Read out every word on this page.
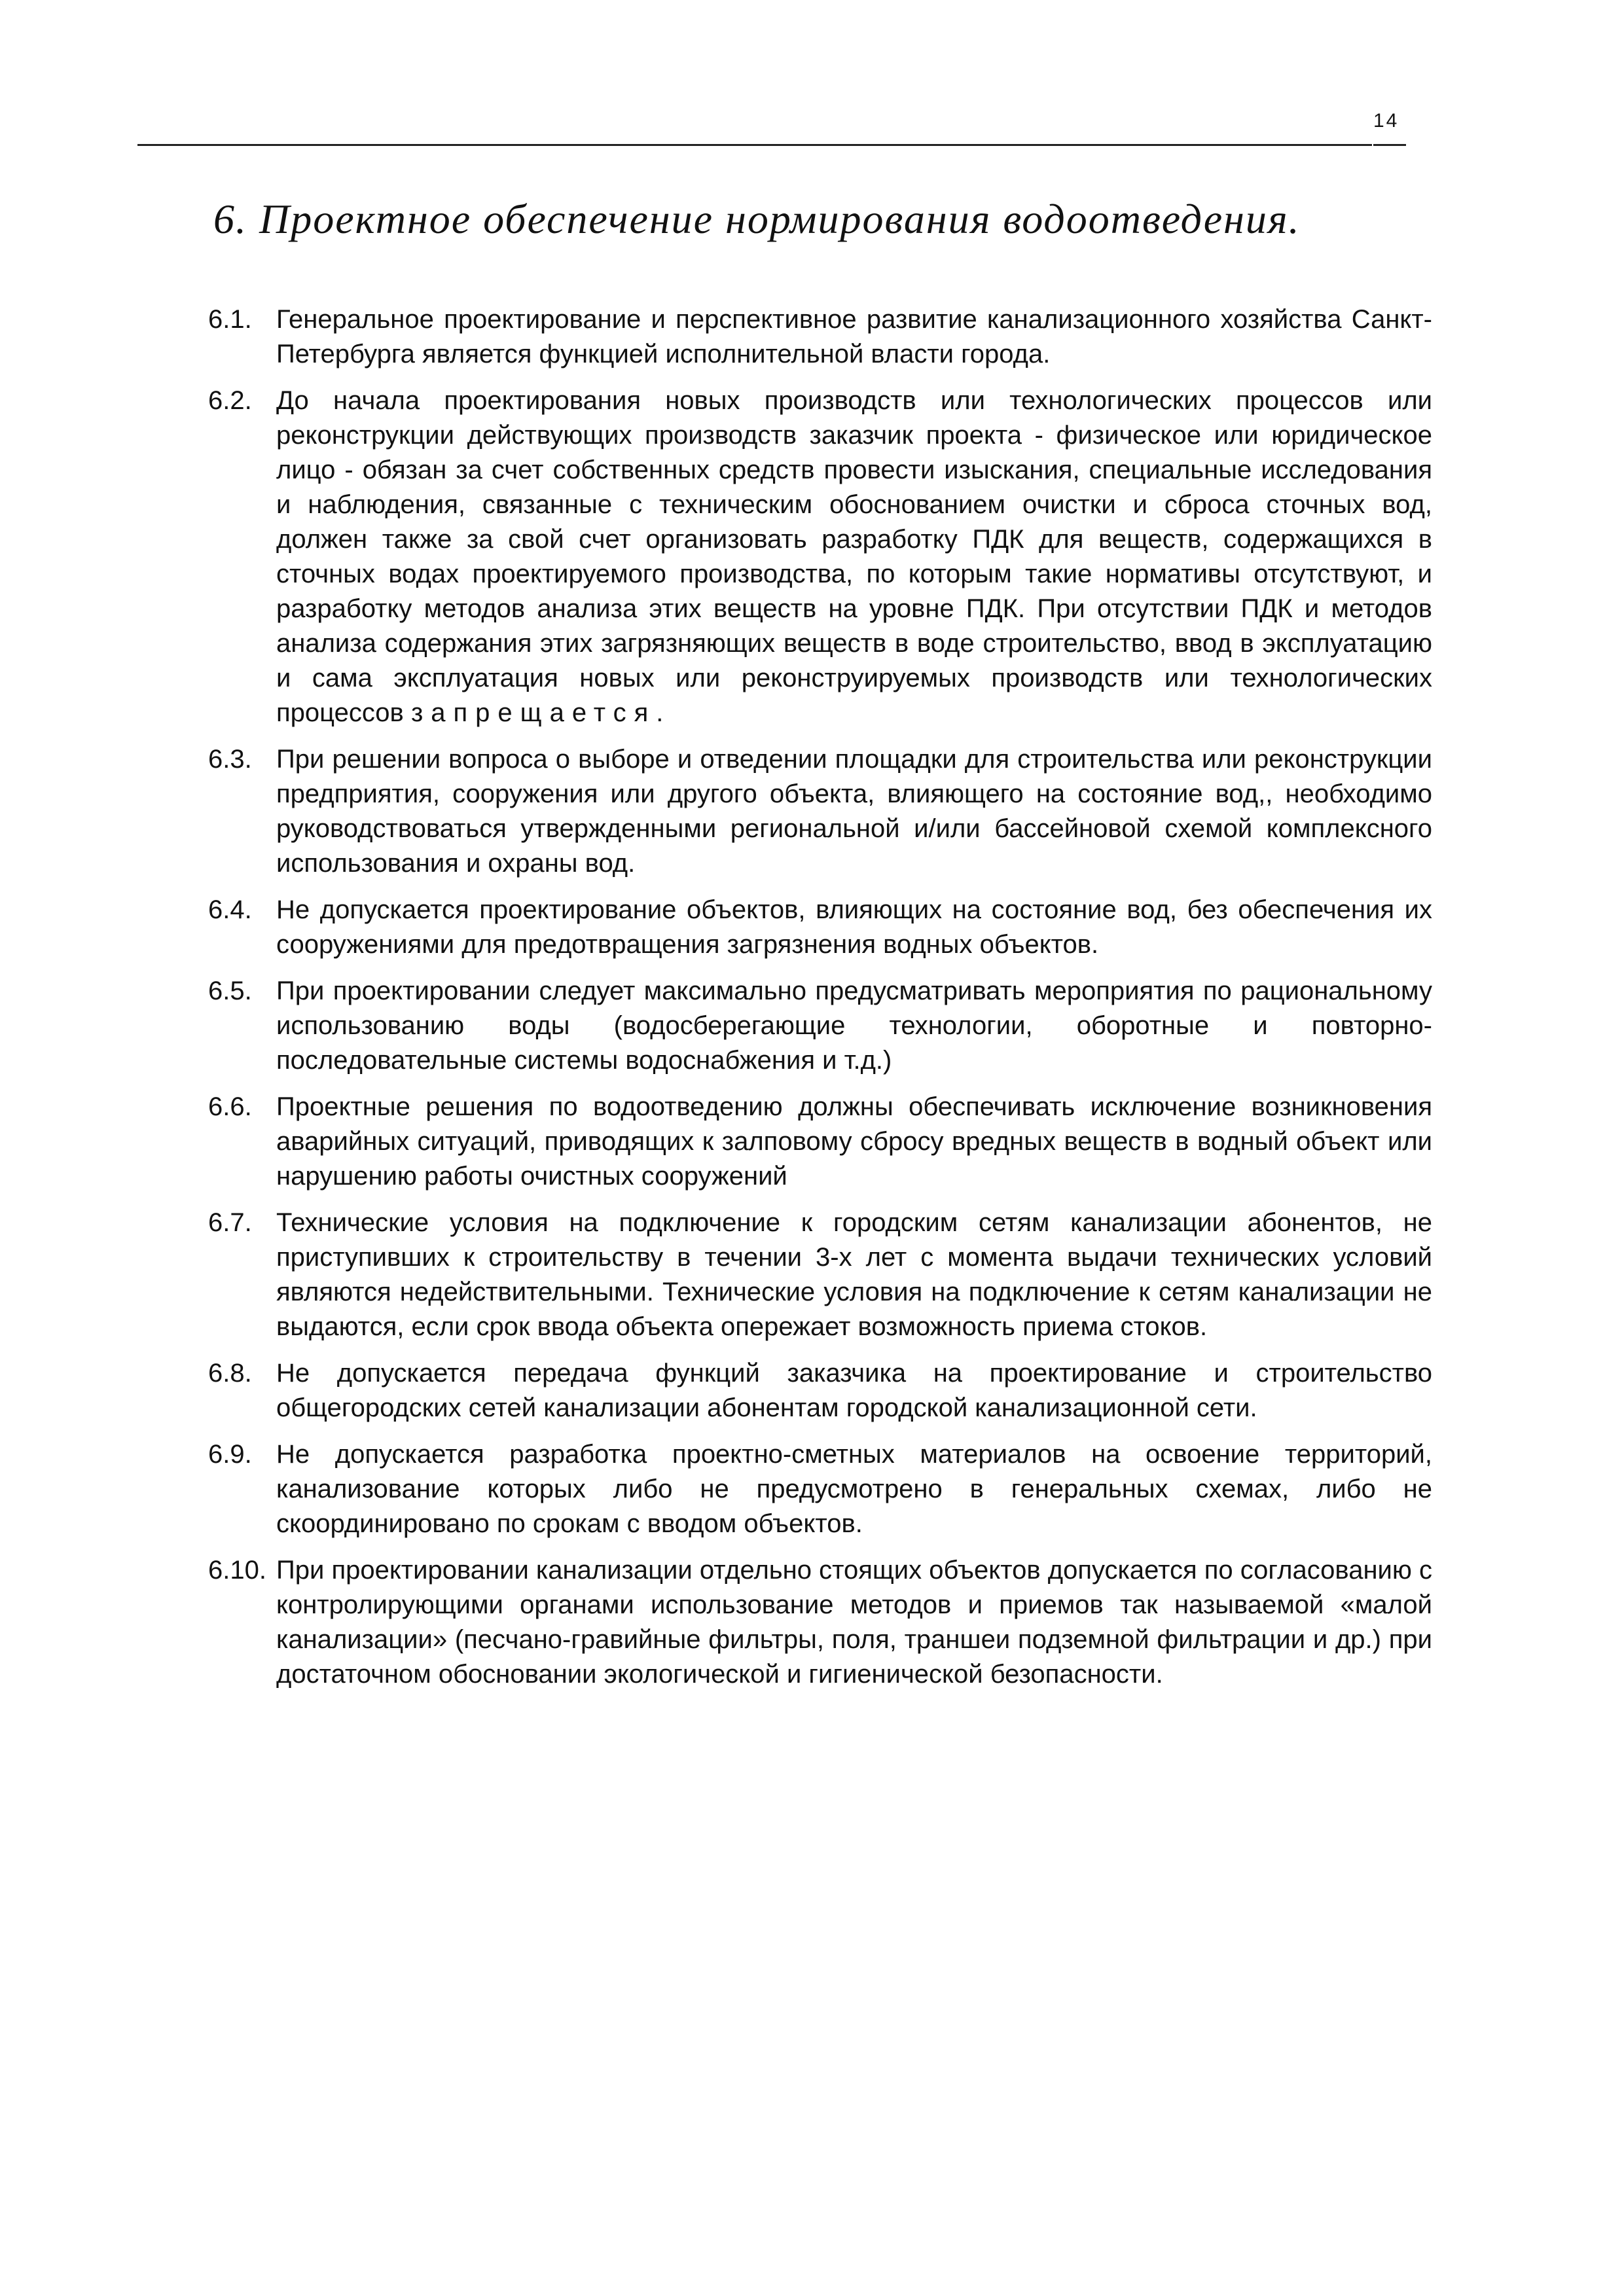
14
6. Проектное обеспечение нормирования водоотведения.
6.1. Генеральное проектирование и перспективное развитие канализационного хозяйства Санкт-Петербурга является функцией исполнительной власти города.
6.2. До начала проектирования новых производств или технологических процессов или реконструкции действующих производств заказчик проекта - физическое или юридическое лицо - обязан за счет собственных средств провести изыскания, специальные исследования и наблюдения, связанные с техническим обоснованием очистки и сброса сточных вод, должен также за свой счет организовать разработку ПДК для веществ, содержащихся в сточных водах проектируемого производства, по которым такие нормативы отсутствуют, и разработку методов анализа этих веществ на уровне ПДК. При отсутствии ПДК и методов анализа содержания этих загрязняющих веществ в воде строительство, ввод в эксплуатацию и сама эксплуатация новых или реконструируемых производств или технологических процессов запрещается.
6.3. При решении вопроса о выборе и отведении площадки для строительства или реконструкции предприятия, сооружения или другого объекта, влияющего на состояние вод,, необходимо руководствоваться утвержденными региональной и/или бассейновой схемой комплексного использования и охраны вод.
6.4. Не допускается проектирование объектов, влияющих на состояние вод, без обеспечения их сооружениями для предотвращения загрязнения водных объектов.
6.5. При проектировании следует максимально предусматривать мероприятия по рациональному использованию воды (водосберегающие технологии, оборотные и повторно- последовательные системы водоснабжения и т.д.)
6.6. Проектные решения по водоотведению должны обеспечивать исключение возникновения аварийных ситуаций, приводящих к залповому сбросу вредных веществ в водный объект или нарушению работы очистных сооружений
6.7. Технические условия на подключение к городским сетям канализации абонентов, не приступивших к строительству в течении 3-х лет с момента выдачи технических условий являются недействительными. Технические условия на подключение к сетям канализации не выдаются, если срок ввода объекта опережает возможность приема стоков.
6.8. Не допускается передача функций заказчика на проектирование и строительство общегородских сетей канализации абонентам городской канализационной сети.
6.9. Не допускается разработка проектно-сметных материалов на освоение территорий, канализование которых либо не предусмотрено в генеральных схемах, либо не скоординировано по срокам с вводом объектов.
6.10. При проектировании канализации отдельно стоящих объектов допускается по согласованию с контролирующими органами использование методов и приемов так называемой «малой канализации» (песчано-гравийные фильтры, поля, траншеи подземной фильтрации и др.) при достаточном обосновании экологической и гигиенической безопасности.
